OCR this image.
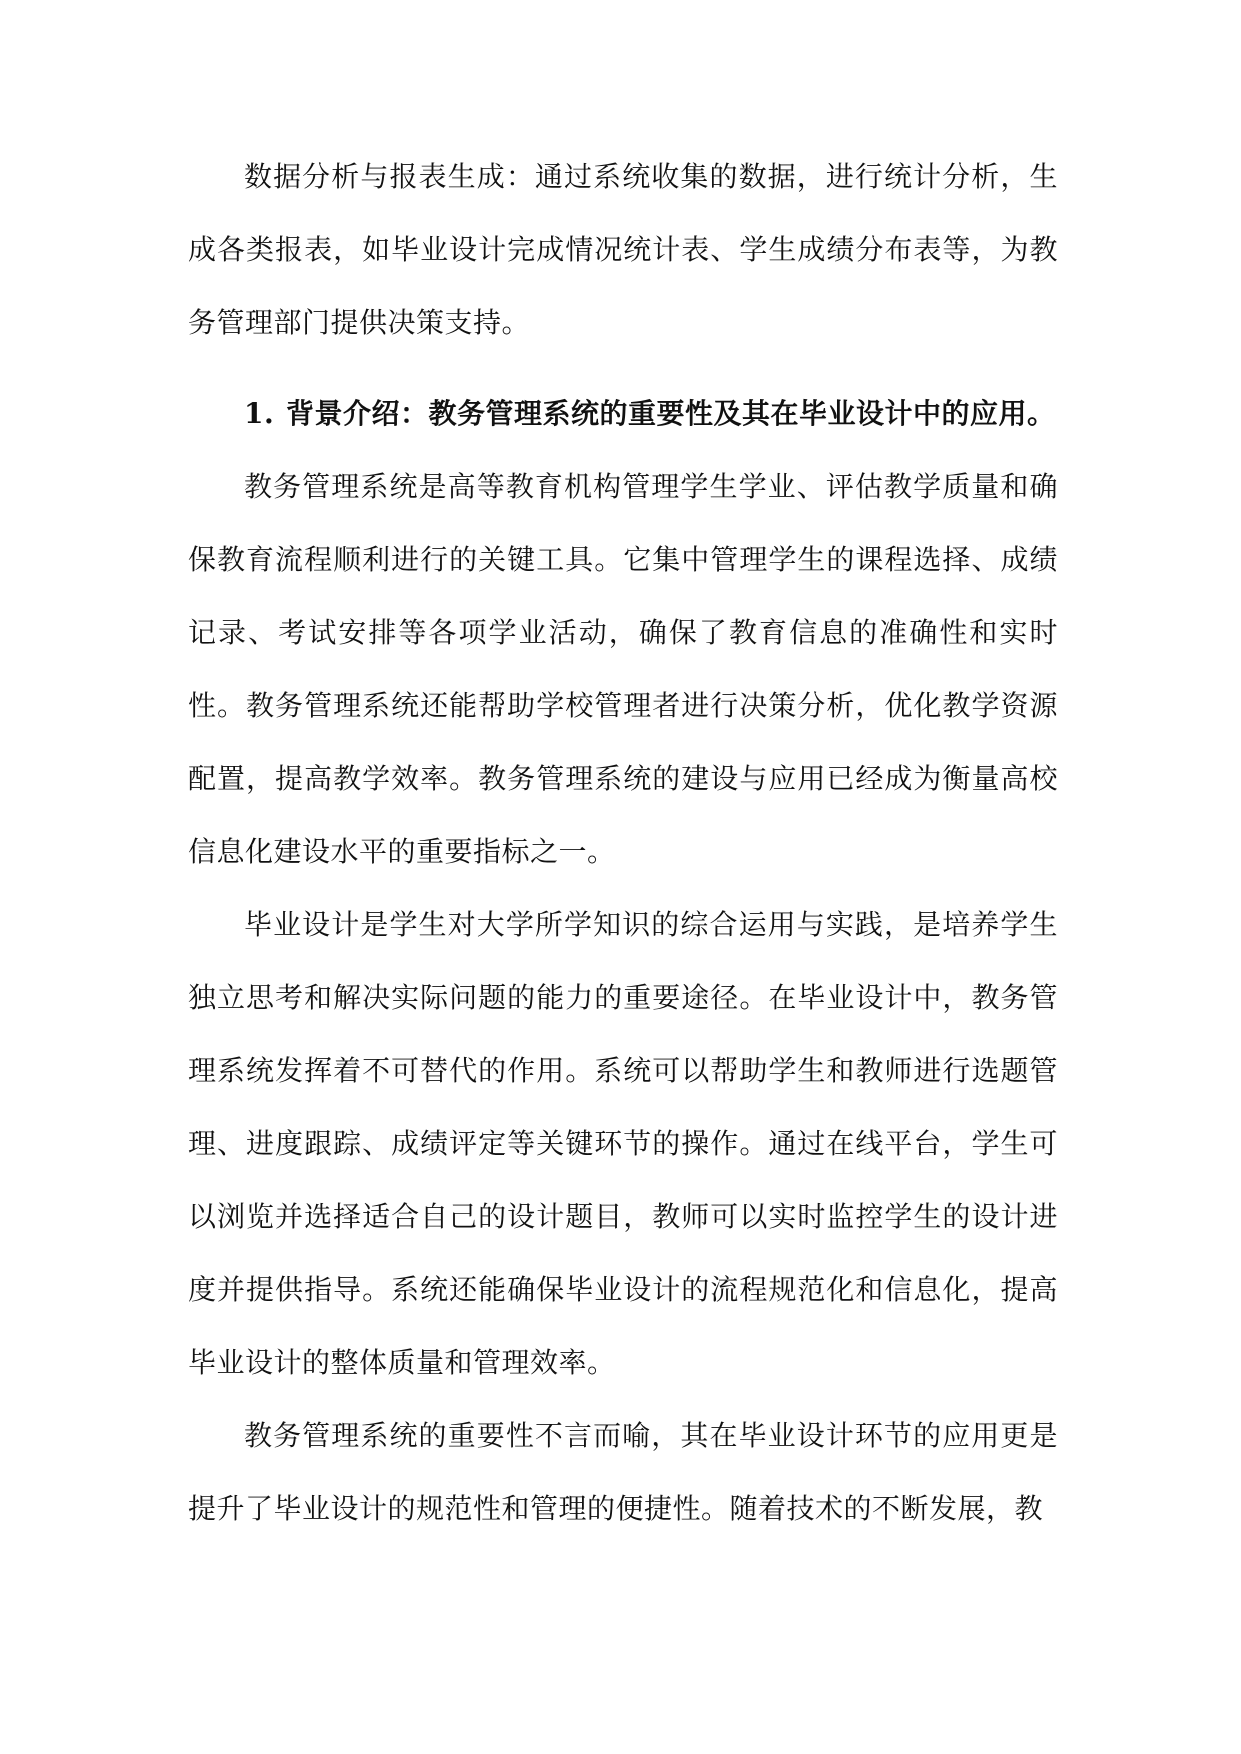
数据分析与报表生成：通过系统收集的数据，进行统计分析，生成各类报表，如毕业设计完成情况统计表、学生成绩分布表等，为教务管理部门提供决策支持。

1. 背景介绍：教务管理系统的重要性及其在毕业设计中的应用。

教务管理系统是高等教育机构管理学生学业、评估教学质量和确保教育流程顺利进行的关键工具。它集中管理学生的课程选择、成绩记录、考试安排等各项学业活动，确保了教育信息的准确性和实时性。教务管理系统还能帮助学校管理者进行决策分析，优化教学资源配置，提高教学效率。教务管理系统的建设与应用已经成为衡量高校信息化建设水平的重要指标之一。

毕业设计是学生对大学所学知识的综合运用与实践，是培养学生独立思考和解决实际问题的能力的重要途径。在毕业设计中，教务管理系统发挥着不可替代的作用。系统可以帮助学生和教师进行选题管理、进度跟踪、成绩评定等关键环节的操作。通过在线平台，学生可以浏览并选择适合自己的设计题目，教师可以实时监控学生的设计进度并提供指导。系统还能确保毕业设计的流程规范化和信息化，提高毕业设计的整体质量和管理效率。

教务管理系统的重要性不言而喻，其在毕业设计环节的应用更是提升了毕业设计的规范性和管理的便捷性。随着技术的不断发展，教
